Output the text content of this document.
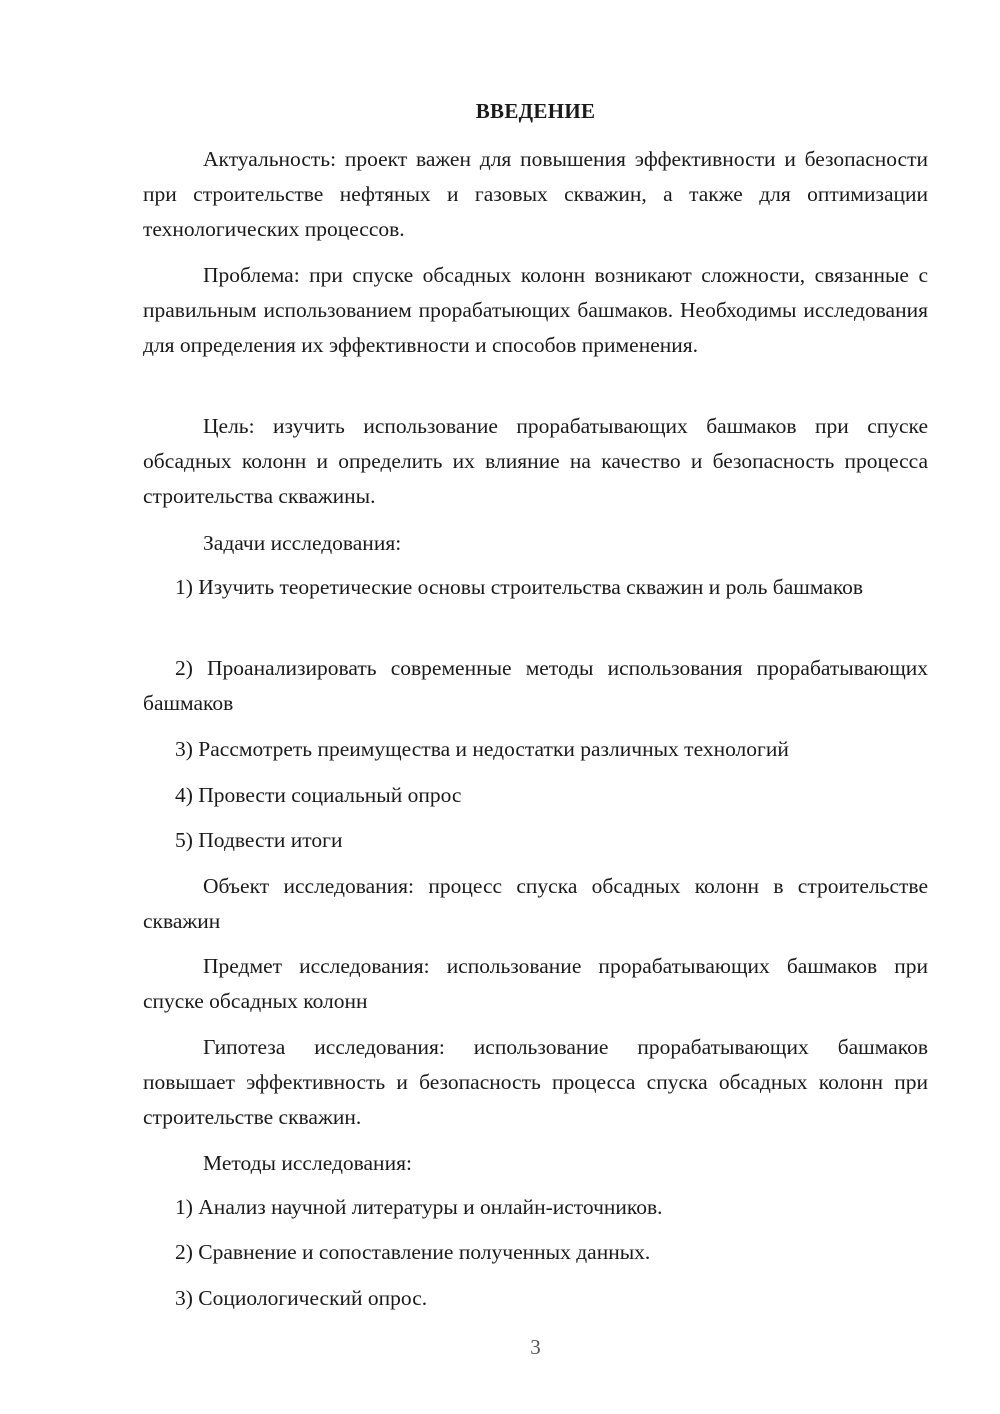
ВВЕДЕНИЕ

Актуальность: проект важен для повышения эффективности и безопасности при строительстве нефтяных и газовых скважин, а также для оптимизации технологических процессов.

Проблема: при спуске обсадных колонн возникают сложности, связанные с правильным использованием прорабатыющих башмаков. Необходимы исследования для определения их эффективности и способов применения.

Цель: изучить использование прорабатывающих башмаков при спуске обсадных колонн и определить их влияние на качество и безопасность процесса строительства скважины.

Задачи исследования:

1) Изучить теоретические основы строительства скважин и роль башмаков

2) Проанализировать современные методы использования прорабатывающих башмаков

3) Рассмотреть преимущества и недостатки различных технологий

4) Провести социальный опрос

5) Подвести итоги

Объект исследования: процесс спуска обсадных колонн в строительстве скважин

Предмет исследования: использование прорабатывающих башмаков при спуске обсадных колонн

Гипотеза исследования: использование прорабатывающих башмаков повышает эффективность и безопасность процесса спуска обсадных колонн при строительстве скважин.

Методы исследования:

1) Анализ научной литературы и онлайн-источников.

2) Сравнение и сопоставление полученных данных.

3) Социологический опрос.

3
